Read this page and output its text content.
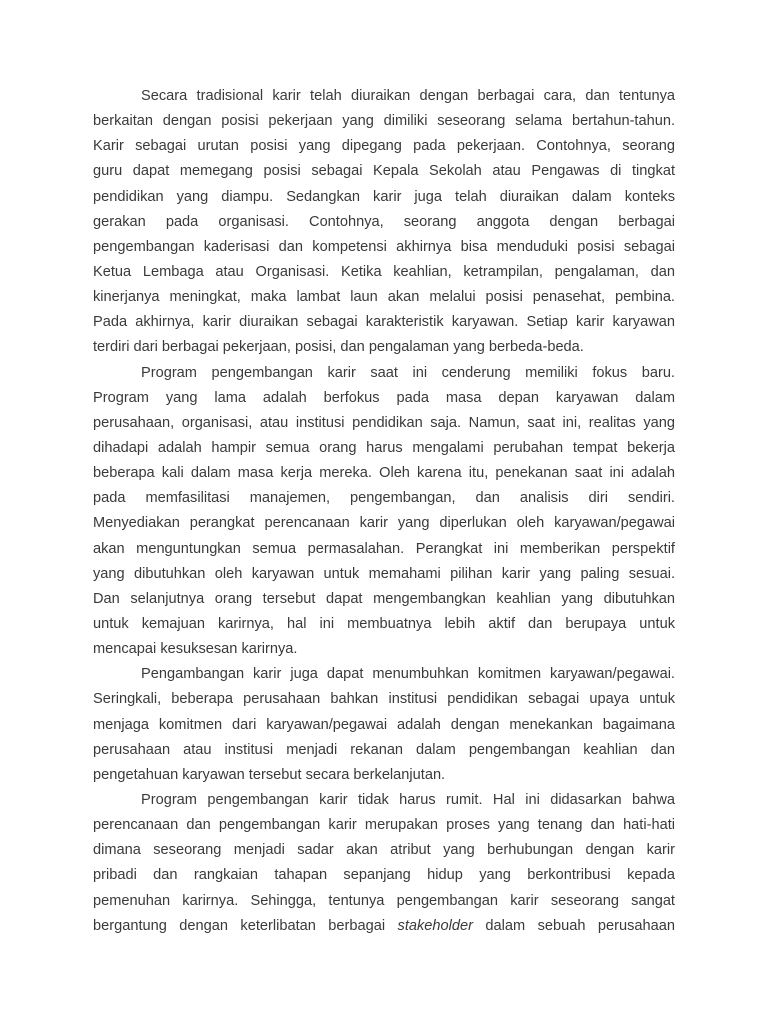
Secara tradisional karir telah diuraikan dengan berbagai cara, dan tentunya
berkaitan dengan posisi pekerjaan yang dimiliki seseorang selama bertahun-tahun.
Karir sebagai urutan posisi yang dipegang pada pekerjaan. Contohnya, seorang
guru dapat memegang posisi sebagai Kepala Sekolah atau Pengawas di tingkat
pendidikan yang diampu. Sedangkan karir juga telah diuraikan dalam konteks
gerakan pada organisasi. Contohnya, seorang anggota dengan berbagai
pengembangan kaderisasi dan kompetensi akhirnya bisa menduduki posisi sebagai
Ketua Lembaga atau Organisasi. Ketika keahlian, ketrampilan, pengalaman, dan
kinerjanya meningkat, maka lambat laun akan melalui posisi penasehat, pembina.
Pada akhirnya, karir diuraikan sebagai karakteristik karyawan. Setiap karir karyawan
terdiri dari berbagai pekerjaan, posisi, dan pengalaman yang berbeda-beda.
Program pengembangan karir saat ini cenderung memiliki fokus baru.
Program yang lama adalah berfokus pada masa depan karyawan dalam
perusahaan, organisasi, atau institusi pendidikan saja. Namun, saat ini, realitas yang
dihadapi adalah hampir semua orang harus mengalami perubahan tempat bekerja
beberapa kali dalam masa kerja mereka. Oleh karena itu, penekanan saat ini adalah
pada memfasilitasi manajemen, pengembangan, dan analisis diri sendiri.
Menyediakan perangkat perencanaan karir yang diperlukan oleh karyawan/pegawai
akan menguntungkan semua permasalahan. Perangkat ini memberikan perspektif
yang dibutuhkan oleh karyawan untuk memahami pilihan karir yang paling sesuai.
Dan selanjutnya orang tersebut dapat mengembangkan keahlian yang dibutuhkan
untuk kemajuan karirnya, hal ini membuatnya lebih aktif dan berupaya untuk
mencapai kesuksesan karirnya.
Pengambangan karir juga dapat menumbuhkan komitmen karyawan/pegawai.
Seringkali, beberapa perusahaan bahkan institusi pendidikan sebagai upaya untuk
menjaga komitmen dari karyawan/pegawai adalah dengan menekankan bagaimana
perusahaan atau institusi menjadi rekanan dalam pengembangan keahlian dan
pengetahuan karyawan tersebut secara berkelanjutan.
Program pengembangan karir tidak harus rumit. Hal ini didasarkan bahwa
perencanaan dan pengembangan karir merupakan proses yang tenang dan hati-hati
dimana seseorang menjadi sadar akan atribut yang berhubungan dengan karir
pribadi dan rangkaian tahapan sepanjang hidup yang berkontribusi kepada
pemenuhan karirnya. Sehingga, tentunya pengembangan karir seseorang sangat
bergantung dengan keterlibatan berbagai stakeholder dalam sebuah perusahaan
